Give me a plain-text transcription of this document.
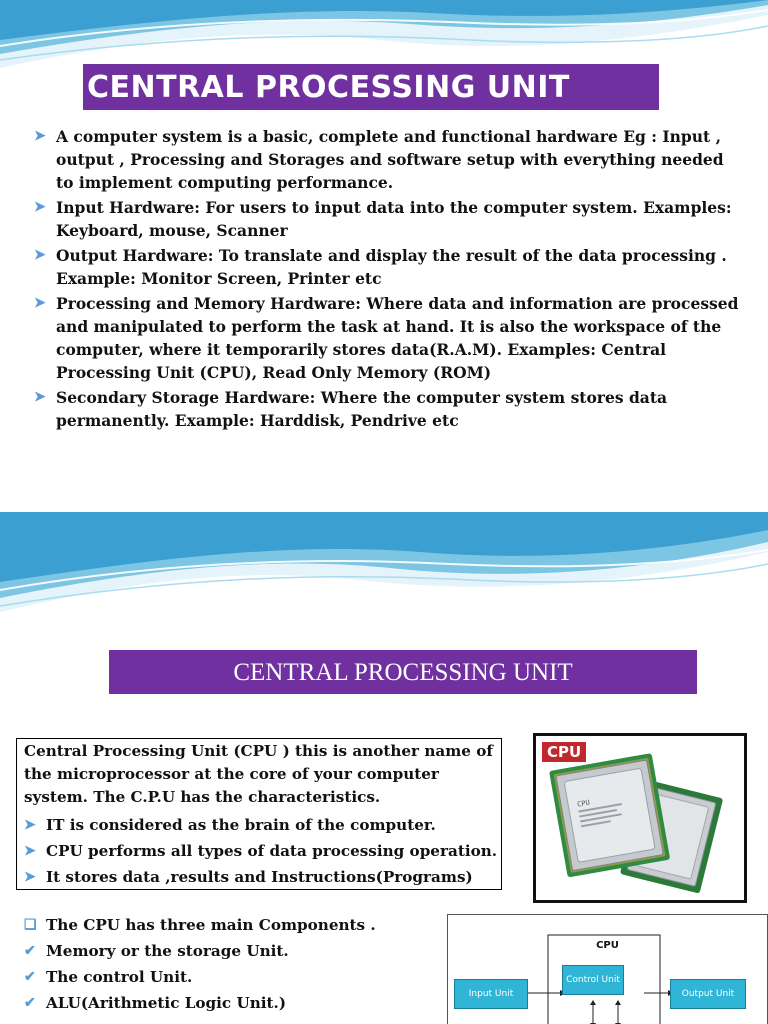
CENTRAL PROCESSING UNIT
➤ A computer system is a basic, complete and functional hardware Eg : Input , output , Processing and Storages and software setup with everything needed to implement computing performance.
➤ Input Hardware: For users to input data into the computer system. Examples: Keyboard, mouse, Scanner
➤ Output Hardware: To translate and display the result of the data processing . Example: Monitor Screen, Printer etc
➤ Processing and Memory Hardware: Where data and information are processed and manipulated to perform the task at hand. It is also the workspace of the computer, where it temporarily stores data(R.A.M). Examples: Central Processing Unit (CPU), Read Only Memory (ROM)
➤ Secondary Storage Hardware: Where the computer system stores data permanently. Example: Harddisk, Pendrive etc
CENTRAL PROCESSING UNIT

Central Processing Unit (CPU ) this is another name of the microprocessor at the core of your computer system. The C.P.U has the characteristics.

➤ IT is considered as the brain of the computer.
➤ CPU performs all types of data processing operation.
➤ It stores data ,results and Instructions(Programs)
❑ The CPU has three main Components .
✔ Memory or the storage Unit.
✔ The control Unit.
✔ ALU(Arithmetic Logic Unit.)
CPU
CPU
CPU
Control Unit
Input Unit	Output Unit
